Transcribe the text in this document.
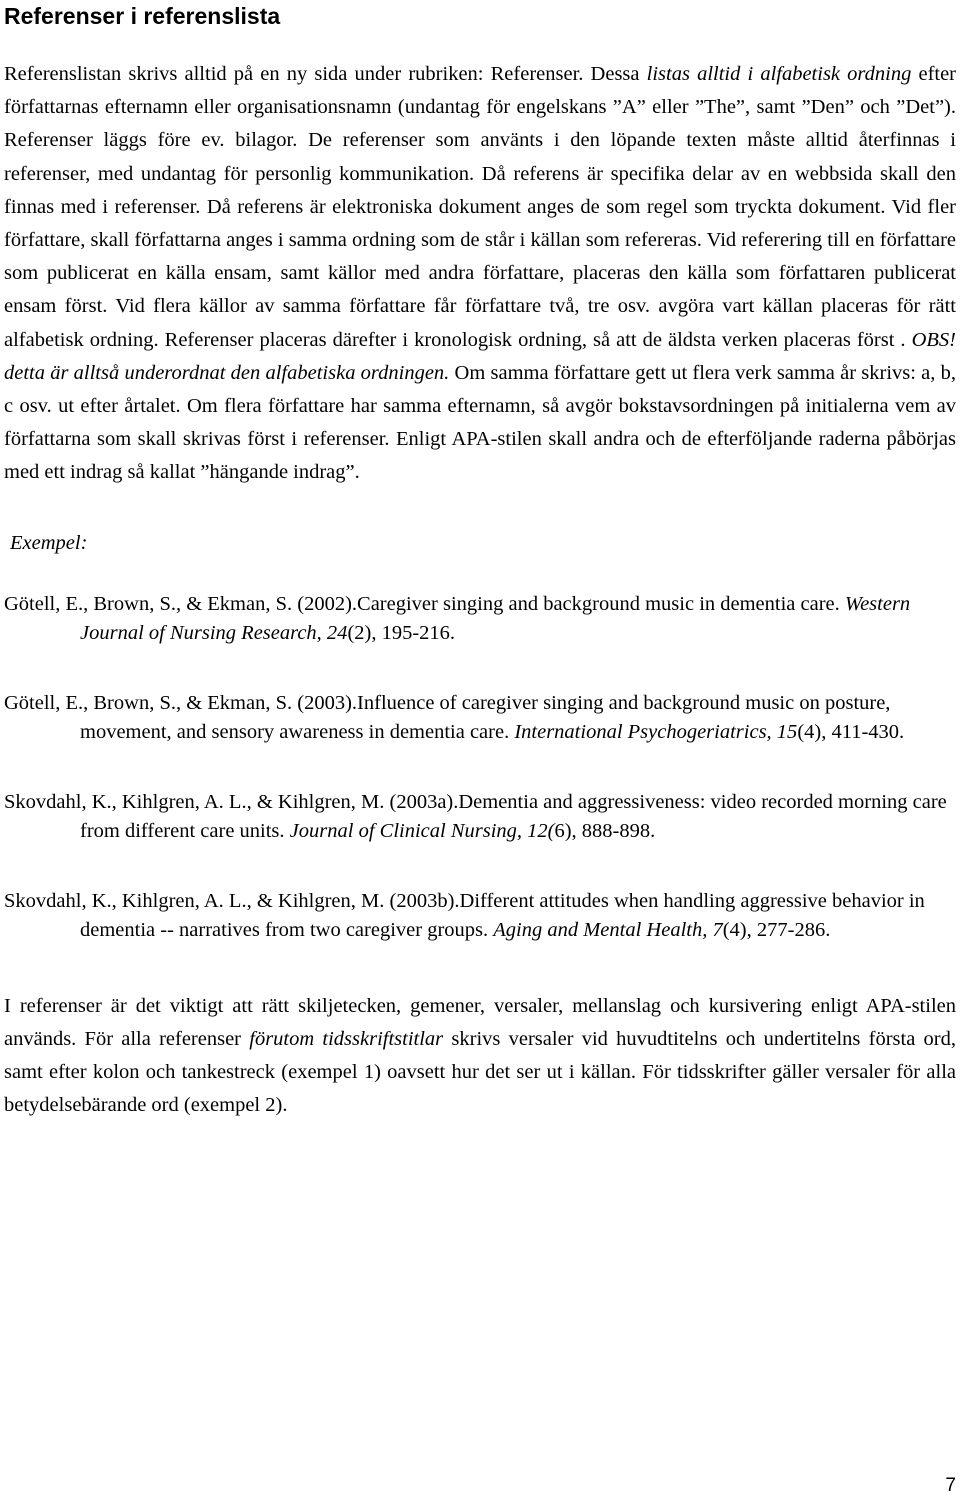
Referenser i referenslista

Referenslistan skrivs alltid på en ny sida under rubriken: Referenser. Dessa listas alltid i alfabetisk ordning efter författarnas efternamn eller organisationsnamn (undantag för engelskans ”A” eller ”The”, samt ”Den” och ”Det”). Referenser läggs före ev. bilagor. De referenser som använts i den löpande texten måste alltid återfinnas i referenser, med undantag för personlig kommunikation. Då referens är specifika delar av en webbsida skall den finnas med i referenser. Då referens är elektroniska dokument anges de som regel som tryckta dokument. Vid fler författare, skall författarna anges i samma ordning som de står i källan som refereras. Vid referering till en författare som publicerat en källa ensam, samt källor med andra författare, placeras den källa som författaren publicerat ensam först. Vid flera källor av samma författare får författare två, tre osv. avgöra vart källan placeras för rätt alfabetisk ordning. Referenser placeras därefter i kronologisk ordning, så att de äldsta verken placeras först . OBS! detta är alltså underordnat den alfabetiska ordningen. Om samma författare gett ut flera verk samma år skrivs: a, b, c osv. ut efter årtalet. Om flera författare har samma efternamn, så avgör bokstavsordningen på initialerna vem av författarna som skall skrivas först i referenser. Enligt APA-stilen skall andra och de efterföljande raderna påbörjas med ett indrag så kallat ”hängande indrag”.

Exempel:

Götell, E., Brown, S., & Ekman, S. (2002).Caregiver singing and background music in dementia care. Western Journal of Nursing Research, 24(2), 195-216.

Götell, E., Brown, S., & Ekman, S. (2003).Influence of caregiver singing and background music on posture, movement, and sensory awareness in dementia care. International Psychogeriatrics, 15(4), 411-430.

Skovdahl, K., Kihlgren, A. L., & Kihlgren, M. (2003a).Dementia and aggressiveness: video recorded morning care from different care units. Journal of Clinical Nursing, 12(6), 888-898.

Skovdahl, K., Kihlgren, A. L., & Kihlgren, M. (2003b).Different attitudes when handling aggressive behavior in dementia -- narratives from two caregiver groups. Aging and Mental Health, 7(4), 277-286.

I referenser är det viktigt att rätt skiljetecken, gemener, versaler, mellanslag och kursivering enligt APA-stilen används. För alla referenser förutom tidsskriftstitlar skrivs versaler vid huvudtitelns och undertitelns första ord, samt efter kolon och tankestreck (exempel 1) oavsett hur det ser ut i källan. För tidsskrifter gäller versaler för alla betydelsebärande ord (exempel 2).

7
